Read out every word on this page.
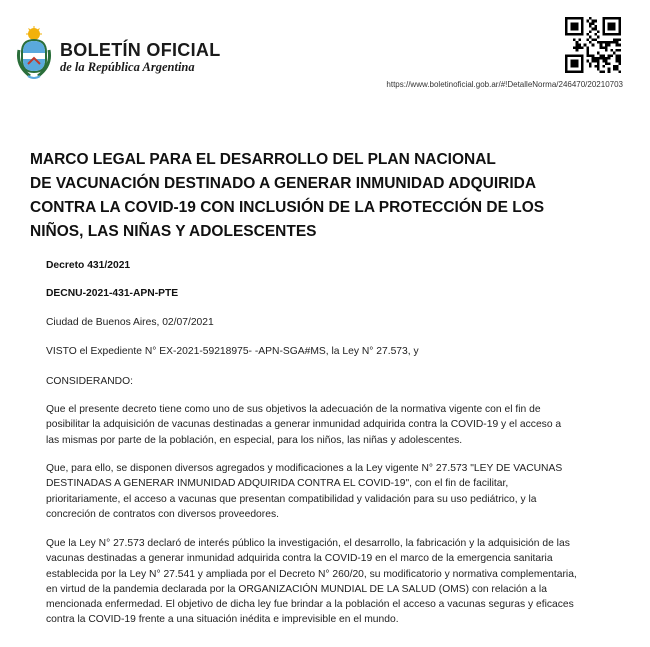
BOLETÍN OFICIAL
de la República Argentina
https://www.boletinoficial.gob.ar/#!DetalleNorma/246470/20210703
MARCO LEGAL PARA EL DESARROLLO DEL PLAN NACIONAL
DE VACUNACIÓN DESTINADO A GENERAR INMUNIDAD ADQUIRIDA
CONTRA LA COVID-19 CON INCLUSIÓN DE LA PROTECCIÓN DE LOS
NIÑOS, LAS NIÑAS Y ADOLESCENTES
Decreto 431/2021
DECNU-2021-431-APN-PTE
Ciudad de Buenos Aires, 02/07/2021
VISTO el Expediente N° EX-2021-59218975- -APN-SGA#MS, la Ley N° 27.573, y
CONSIDERANDO:
Que el presente decreto tiene como uno de sus objetivos la adecuación de la normativa vigente con el fin de
posibilitar la adquisición de vacunas destinadas a generar inmunidad adquirida contra la COVID-19 y el acceso a
las mismas por parte de la población, en especial, para los niños, las niñas y adolescentes.
Que, para ello, se disponen diversos agregados y modificaciones a la Ley vigente N° 27.573 "LEY DE VACUNAS
DESTINADAS A GENERAR INMUNIDAD ADQUIRIDA CONTRA EL COVID-19", con el fin de facilitar,
prioritariamente, el acceso a vacunas que presentan compatibilidad y validación para su uso pediátrico, y la
concreción de contratos con diversos proveedores.
Que la Ley N° 27.573 declaró de interés público la investigación, el desarrollo, la fabricación y la adquisición de las
vacunas destinadas a generar inmunidad adquirida contra la COVID-19 en el marco de la emergencia sanitaria
establecida por la Ley N° 27.541 y ampliada por el Decreto N° 260/20, su modificatorio y normativa complementaria,
en virtud de la pandemia declarada por la ORGANIZACIÓN MUNDIAL DE LA SALUD (OMS) con relación a la
mencionada enfermedad. El objetivo de dicha ley fue brindar a la población el acceso a vacunas seguras y eficaces
contra la COVID-19 frente a una situación inédita e imprevisible en el mundo.
